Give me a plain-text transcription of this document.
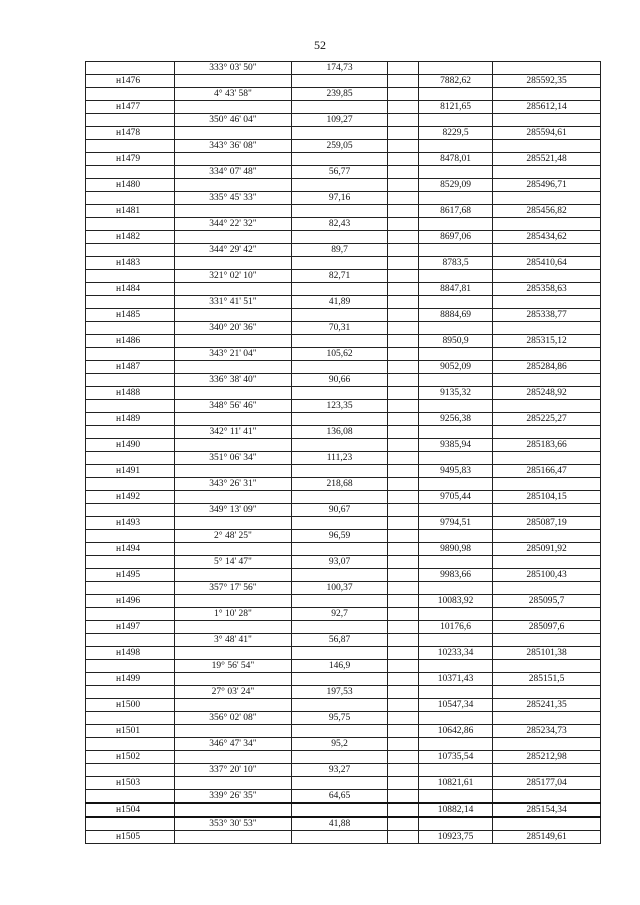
52
	333° 03' 50"	174,73			
н1476				7882,62	285592,35
	4° 43' 58"	239,85			
н1477				8121,65	285612,14
	350° 46' 04"	109,27			
н1478				8229,5	285594,61
	343° 36' 08"	259,05			
н1479				8478,01	285521,48
	334° 07' 48"	56,77			
н1480				8529,09	285496,71
	335° 45' 33"	97,16			
н1481				8617,68	285456,82
	344° 22' 32"	82,43			
н1482				8697,06	285434,62
	344° 29' 42"	89,7			
н1483				8783,5	285410,64
	321° 02' 10"	82,71			
н1484				8847,81	285358,63
	331° 41' 51"	41,89			
н1485				8884,69	285338,77
	340° 20' 36"	70,31			
н1486				8950,9	285315,12
	343° 21' 04"	105,62			
н1487				9052,09	285284,86
	336° 38' 40"	90,66			
н1488				9135,32	285248,92
	348° 56' 46"	123,35			
н1489				9256,38	285225,27
	342° 11' 41"	136,08			
н1490				9385,94	285183,66
	351° 06' 34"	111,23			
н1491				9495,83	285166,47
	343° 26' 31"	218,68			
н1492				9705,44	285104,15
	349° 13' 09"	90,67			
н1493				9794,51	285087,19
	2° 48' 25"	96,59			
н1494				9890,98	285091,92
	5° 14' 47"	93,07			
н1495				9983,66	285100,43
	357° 17' 56"	100,37			
н1496				10083,92	285095,7
	1° 10' 28"	92,7			
н1497				10176,6	285097,6
	3° 48' 41"	56,87			
н1498				10233,34	285101,38
	19° 56' 54"	146,9			
н1499				10371,43	285151,5
	27° 03' 24"	197,53			
н1500				10547,34	285241,35
	356° 02' 08"	95,75			
н1501				10642,86	285234,73
	346° 47' 34"	95,2			
н1502				10735,54	285212,98
	337° 20' 10"	93,27			
н1503				10821,61	285177,04
	339° 26' 35"	64,65			
н1504				10882,14	285154,34
	353° 30' 53"	41,88			
н1505				10923,75	285149,61
